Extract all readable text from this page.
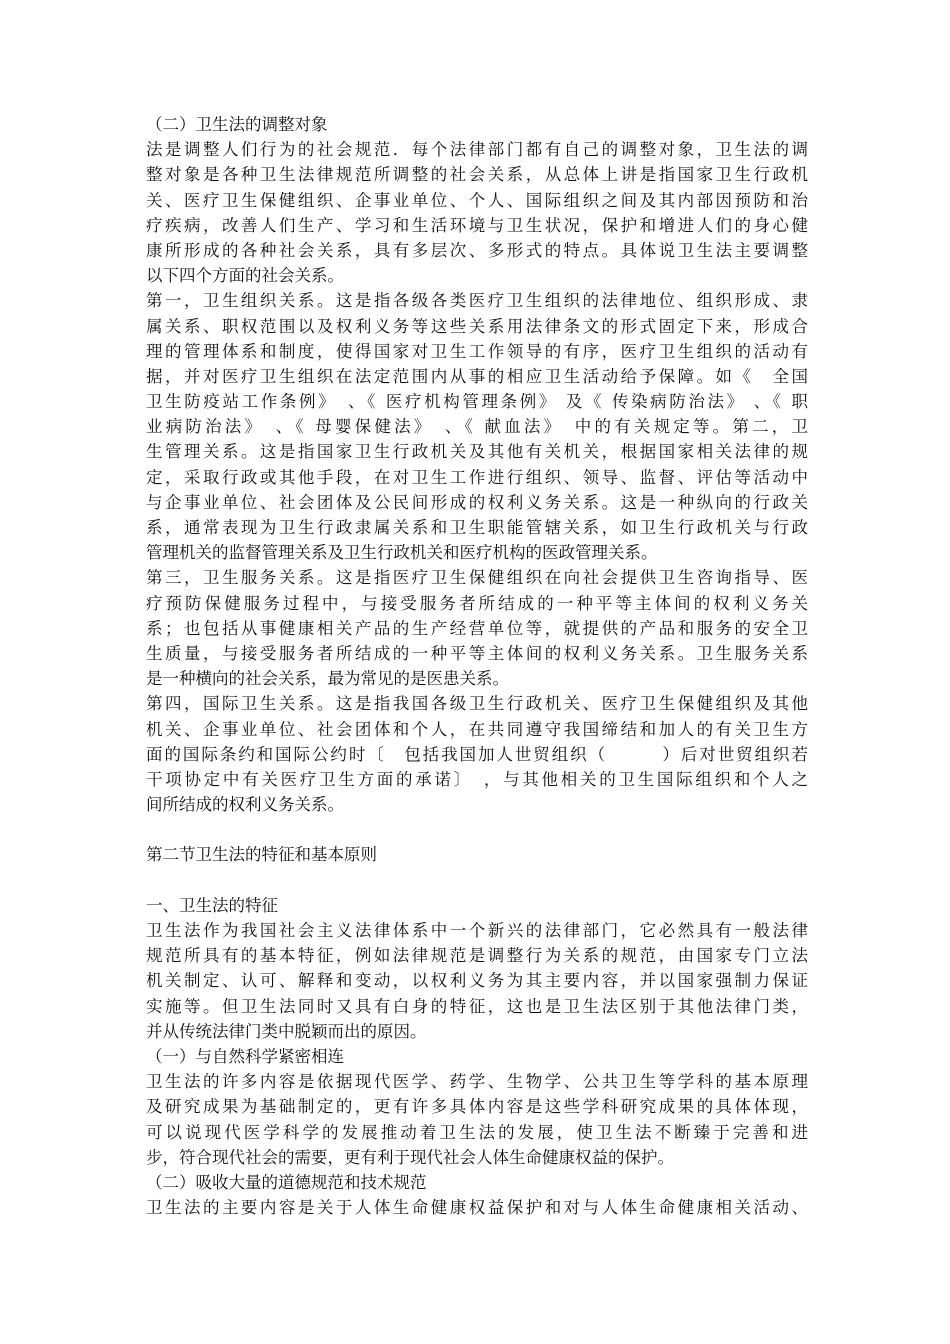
（二）卫生法的调整对象
法是调整人们行为的社会规范．每个法律部门都有自己的调整对象，卫生法的调
整对象是各种卫生法律规范所调整的社会关系，从总体上讲是指国家卫生行政机
关、医疗卫生保健组织、企事业单位、个人、国际组织之间及其内部因预防和治
疗疾病，改善人们生产、学习和生活环境与卫生状况，保护和增进人们的身心健
康所形成的各种社会关系，具有多层次、多形式的特点。具体说卫生法主要调整
以下四个方面的社会关系。
第一，卫生组织关系。这是指各级各类医疗卫生组织的法律地位、组织形成、隶
属关系、职权范围以及权利义务等这些关系用法律条文的形式固定下来，形成合
理的管理体系和制度，使得国家对卫生工作领导的有序，医疗卫生组织的活动有
据，并对医疗卫生组织在法定范围内从事的相应卫生活动给予保障。如《　全国
卫生防疫站工作条例》　、《 医疗机构管理条例》 及《 传染病防治法》 、《 职
业病防治法》　、《 母婴保健法》　、《 献血法》　中的有关规定等。第二，卫
生管理关系。这是指国家卫生行政机关及其他有关机关，根据国家相关法律的规
定，采取行政或其他手段，在对卫生工作进行组织、领导、监督、评估等活动中
与企事业单位、社会团体及公民间形成的权利义务关系。这是一种纵向的行政关
系，通常表现为卫生行政隶属关系和卫生职能管辖关系，如卫生行政机关与行政
管理机关的监督管理关系及卫生行政机关和医疗机构的医政管理关系。
第三，卫生服务关系。这是指医疗卫生保健组织在向社会提供卫生咨询指导、医
疗预防保健服务过程中，与接受服务者所结成的一种平等主体间的权利义务关
系；也包括从事健康相关产品的生产经营单位等，就提供的产品和服务的安全卫
生质量，与接受服务者所结成的一种平等主体间的权利义务关系。卫生服务关系
是一种横向的社会关系，最为常见的是医患关系。
第四，国际卫生关系。这是指我国各级卫生行政机关、医疗卫生保健组织及其他
机关、企事业单位、社会团体和个人，在共同遵守我国缔结和加人的有关卫生方
面的国际条约和国际公约时〔　包括我国加人世贸组织（　　　）后对世贸组织若
干项协定中有关医疗卫生方面的承诺〕　，与其他相关的卫生国际组织和个人之
间所结成的权利义务关系。
第二节卫生法的特征和基本原则
一、卫生法的特征
卫生法作为我国社会主义法律体系中一个新兴的法律部门，它必然具有一般法律
规范所具有的基本特征，例如法律规范是调整行为关系的规范，由国家专门立法
机关制定、认可、解释和变动，以权利义务为其主要内容，并以国家强制力保证
实施等。但卫生法同时又具有白身的特征，这也是卫生法区别于其他法律门类，
并从传统法律门类中脱颖而出的原因。
（一）与自然科学紧密相连
卫生法的许多内容是依据现代医学、药学、生物学、公共卫生等学科的基本原理
及研究成果为基础制定的，更有许多具体内容是这些学科研究成果的具体体现，
可以说现代医学科学的发展推动着卫生法的发展，使卫生法不断臻于完善和进
步，符合现代社会的需要，更有利于现代社会人体生命健康权益的保护。
（二）吸收大量的道德规范和技术规范
卫生法的主要内容是关于人体生命健康权益保护和对与人体生命健康相关活动、
